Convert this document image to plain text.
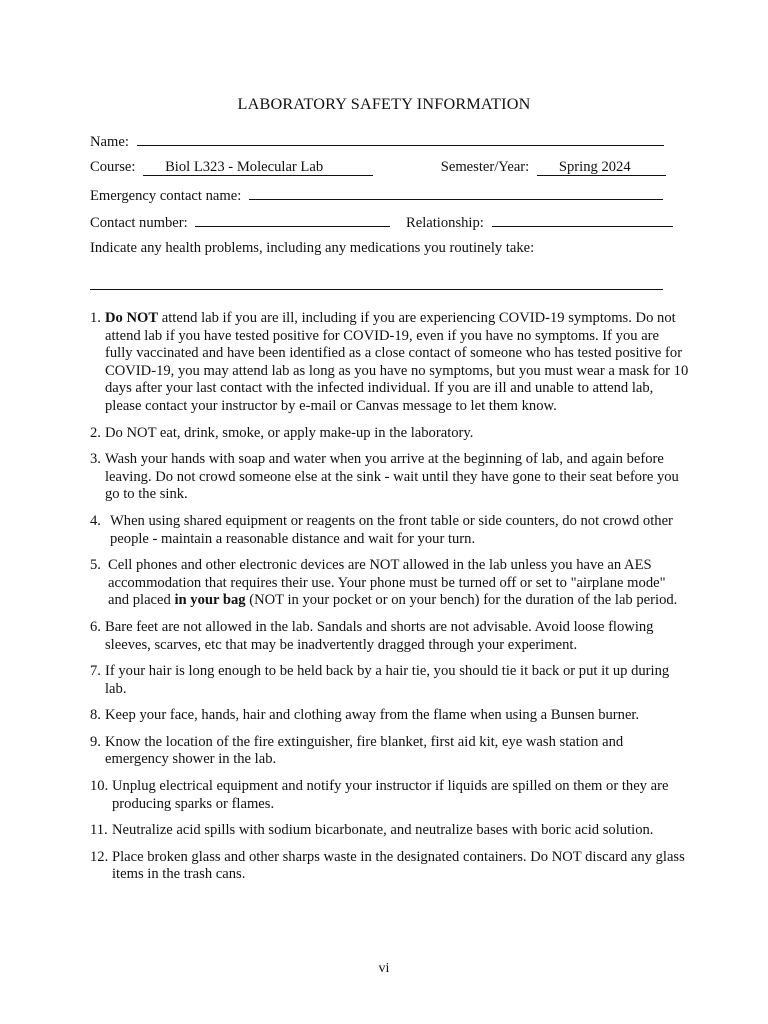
LABORATORY SAFETY INFORMATION
Name:
Course: Biol L323 - Molecular Lab	Semester/Year: Spring 2024
Emergency contact name:
Contact number:	Relationship:
Indicate any health problems, including any medications you routinely take:
1. Do NOT attend lab if you are ill, including if you are experiencing COVID-19 symptoms. Do not attend lab if you have tested positive for COVID-19, even if you have no symptoms. If you are fully vaccinated and have been identified as a close contact of someone who has tested positive for COVID-19, you may attend lab as long as you have no symptoms, but you must wear a mask for 10 days after your last contact with the infected individual. If you are ill and unable to attend lab, please contact your instructor by e-mail or Canvas message to let them know.
2. Do NOT eat, drink, smoke, or apply make-up in the laboratory.
3. Wash your hands with soap and water when you arrive at the beginning of lab, and again before leaving. Do not crowd someone else at the sink - wait until they have gone to their seat before you go to the sink.
4. When using shared equipment or reagents on the front table or side counters, do not crowd other people - maintain a reasonable distance and wait for your turn.
5. Cell phones and other electronic devices are NOT allowed in the lab unless you have an AES accommodation that requires their use. Your phone must be turned off or set to "airplane mode" and placed in your bag (NOT in your pocket or on your bench) for the duration of the lab period.
6. Bare feet are not allowed in the lab. Sandals and shorts are not advisable. Avoid loose flowing sleeves, scarves, etc that may be inadvertently dragged through your experiment.
7. If your hair is long enough to be held back by a hair tie, you should tie it back or put it up during lab.
8. Keep your face, hands, hair and clothing away from the flame when using a Bunsen burner.
9. Know the location of the fire extinguisher, fire blanket, first aid kit, eye wash station and emergency shower in the lab.
10. Unplug electrical equipment and notify your instructor if liquids are spilled on them or they are producing sparks or flames.
11. Neutralize acid spills with sodium bicarbonate, and neutralize bases with boric acid solution.
12. Place broken glass and other sharps waste in the designated containers. Do NOT discard any glass items in the trash cans.
vi
